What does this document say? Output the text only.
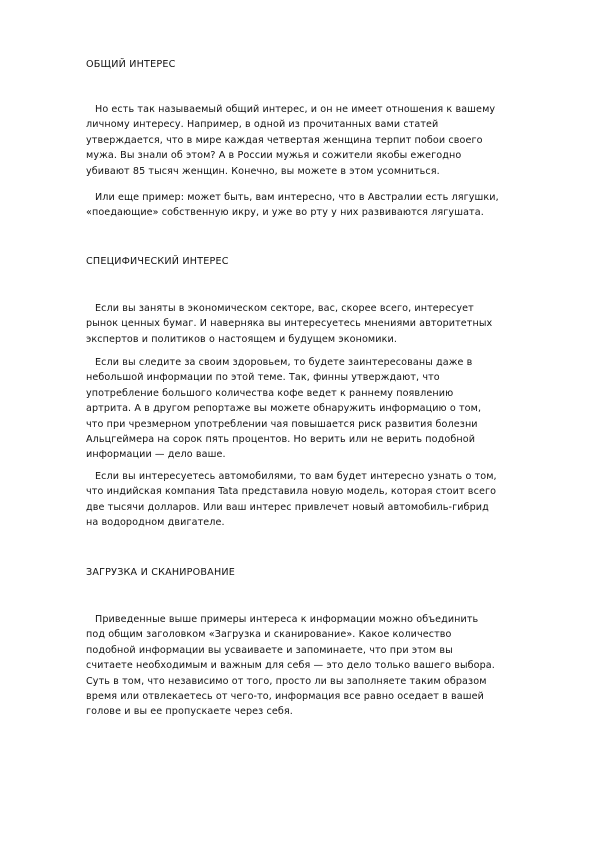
ОБЩИЙ ИНТЕРЕС

Но есть так называемый общий интерес, и он не имеет отношения к вашему
личному интересу. Например, в одной из прочитанных вами статей
утверждается, что в мире каждая четвертая женщина терпит побои своего
мужа. Вы знали об этом? А в России мужья и сожители якобы ежегодно
убивают 85 тысяч женщин. Конечно, вы можете в этом усомниться.

Или еще пример: может быть, вам интересно, что в Австралии есть лягушки,
«поедающие» собственную икру, и уже во рту у них развиваются лягушата.

СПЕЦИФИЧЕСКИЙ ИНТЕРЕС

Если вы заняты в экономическом секторе, вас, скорее всего, интересует
рынок ценных бумаг. И наверняка вы интересуетесь мнениями авторитетных
экспертов и политиков о настоящем и будущем экономики.

Если вы следите за своим здоровьем, то будете заинтересованы даже в
небольшой информации по этой теме. Так, финны утверждают, что
употребление большого количества кофе ведет к раннему появлению
артрита. А в другом репортаже вы можете обнаружить информацию о том,
что при чрезмерном употреблении чая повышается риск развития болезни
Альцгеймера на сорок пять процентов. Но верить или не верить подобной
информации — дело ваше.

Если вы интересуетесь автомобилями, то вам будет интересно узнать о том,
что индийская компания Tata представила новую модель, которая стоит всего
две тысячи долларов. Или ваш интерес привлечет новый автомобиль-гибрид
на водородном двигателе.

ЗАГРУЗКА И СКАНИРОВАНИЕ

Приведенные выше примеры интереса к информации можно объединить
под общим заголовком «Загрузка и сканирование». Какое количество
подобной информации вы усваиваете и запоминаете, что при этом вы
считаете необходимым и важным для себя — это дело только вашего выбора.
Суть в том, что независимо от того, просто ли вы заполняете таким образом
время или отвлекаетесь от чего-то, информация все равно оседает в вашей
голове и вы ее пропускаете через себя.
